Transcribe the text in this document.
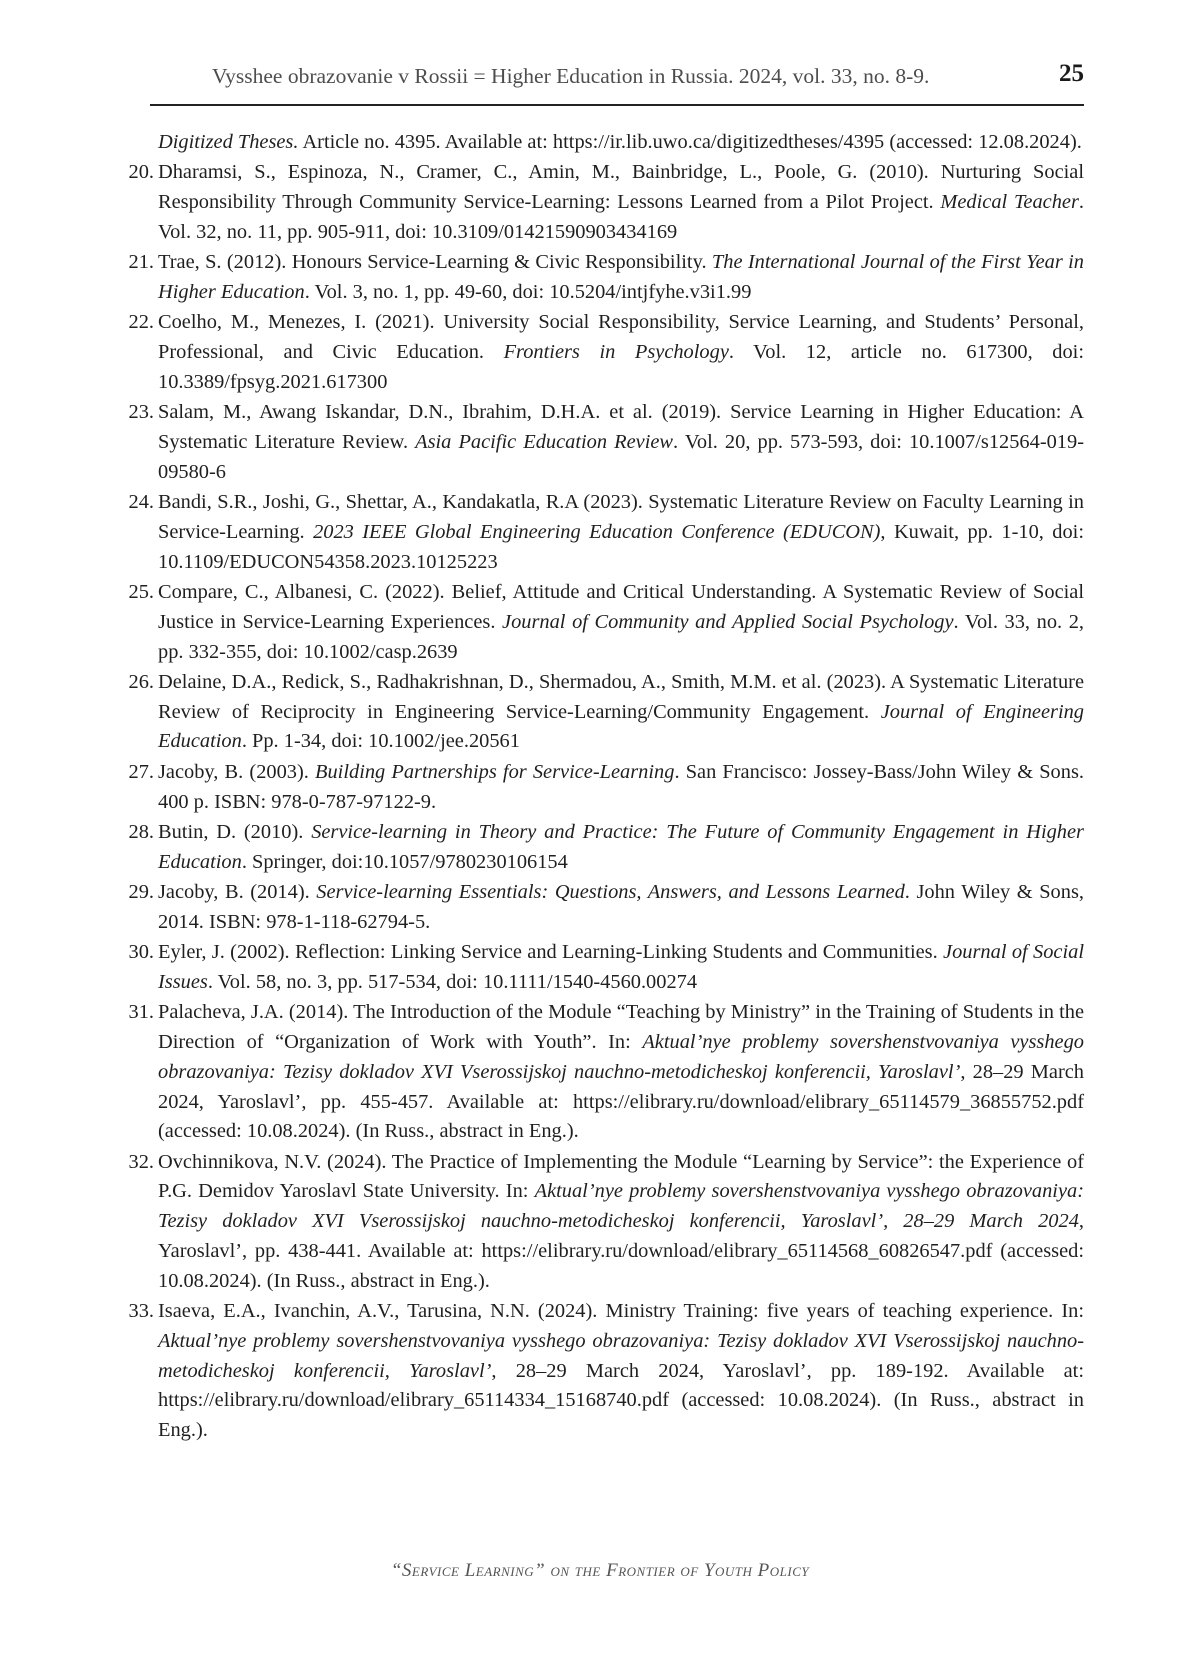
Vysshee obrazovanie v Rossii = Higher Education in Russia. 2024, vol. 33, no. 8-9.	25
Digitized Theses. Article no. 4395. Available at: https://ir.lib.uwo.ca/digitizedtheses/4395 (accessed: 12.08.2024).
20 . Dharamsi, S., Espinoza, N., Cramer, C., Amin, M., Bainbridge, L., Poole, G. (2010). Nurturing Social Responsibility Through Community Service-Learning: Lessons Learned from a Pilot Project. Medical Teacher. Vol. 32, no. 11, pp. 905-911, doi: 10.3109/01421590903434169
21 . Trae, S. (2012). Honours Service-Learning & Civic Responsibility. The International Journal of the First Year in Higher Education. Vol. 3, no. 1, pp. 49-60, doi: 10.5204/intjfyhe.v3i1.99
22 . Coelho, M., Menezes, I. (2021). University Social Responsibility, Service Learning, and Students’ Personal, Professional, and Civic Education. Frontiers in Psychology. Vol. 12, article no. 617300, doi: 10.3389/fpsyg.2021.617300
23 . Salam, M., Awang Iskandar, D.N., Ibrahim, D.H.A. et al. (2019). Service Learning in Higher Education: A Systematic Literature Review. Asia Pacific Education Review. Vol. 20, pp. 573-593, doi: 10.1007/s12564-019-09580-6
24 . Bandi, S.R., Joshi, G., Shettar, A., Kandakatla, R.A (2023). Systematic Literature Review on Faculty Learning in Service-Learning. 2023 IEEE Global Engineering Education Conference (EDUCON), Kuwait, pp. 1-10, doi: 10.1109/EDUCON54358.2023.10125223
25 . Compare, C., Albanesi, C. (2022). Belief, Attitude and Critical Understanding. A Systematic Review of Social Justice in Service-Learning Experiences. Journal of Community and Applied Social Psychology. Vol. 33, no. 2, pp. 332-355, doi: 10.1002/casp.2639
26 . Delaine, D.A., Redick, S., Radhakrishnan, D., Shermadou, A., Smith, M.M. et al. (2023). A Systematic Literature Review of Reciprocity in Engineering Service-Learning/Community Engagement. Journal of Engineering Education. Pp. 1-34, doi: 10.1002/jee.20561
27 . Jacoby, B. (2003). Building Partnerships for Service-Learning. San Francisco: Jossey-Bass/John Wiley & Sons. 400 p. ISBN: 978-0-787-97122-9.
28 . Butin, D. (2010). Service-learning in Theory and Practice: The Future of Community Engagement in Higher Education. Springer, doi:10.1057/9780230106154
29 . Jacoby, B. (2014). Service-learning Essentials: Questions, Answers, and Lessons Learned. John Wiley & Sons, 2014. ISBN: 978-1-118-62794-5.
30 . Eyler, J. (2002). Reflection: Linking Service and Learning-Linking Students and Communities. Journal of Social Issues. Vol. 58, no. 3, pp. 517-534, doi: 10.1111/1540-4560.00274
31 . Palacheva, J.A. (2014). The Introduction of the Module “Teaching by Ministry” in the Training of Students in the Direction of “Organization of Work with Youth”. In: Aktual’nye problemy sovershenstvovaniya vysshego obrazovaniya: Tezisy dokladov XVI Vserossijskoj nauchno-metodicheskoj konferencii, Yaroslavl’, 28–29 March 2024, Yaroslavl’, pp. 455-457. Available at: https://elibrary.ru/download/elibrary_65114579_36855752.pdf (accessed: 10.08.2024). (In Russ., abstract in Eng.).
32 . Ovchinnikova, N.V. (2024). The Practice of Implementing the Module “Learning by Service”: the Experience of P.G. Demidov Yaroslavl State University. In: Aktual’nye problemy sovershenstvovaniya vysshego obrazovaniya: Tezisy dokladov XVI Vserossijskoj nauchno-metodicheskoj konferencii, Yaroslavl’, 28–29 March 2024, Yaroslavl’, pp. 438-441. Available at: https://elibrary.ru/download/elibrary_65114568_60826547.pdf (accessed: 10.08.2024). (In Russ., abstract in Eng.).
33 . Isaeva, E.A., Ivanchin, A.V., Tarusina, N.N. (2024). Ministry Training: five years of teaching experience. In: Aktual’nye problemy sovershenstvovaniya vysshego obrazovaniya: Tezisy dokladov XVI Vserossijskoj nauchno-metodicheskoj konferencii, Yaroslavl’, 28–29 March 2024, Yaroslavl’, pp. 189-192. Available at: https://elibrary.ru/download/elibrary_65114334_15168740.pdf (accessed: 10.08.2024). (In Russ., abstract in Eng.).
“Service Learning” on the Frontier of Youth Policy
